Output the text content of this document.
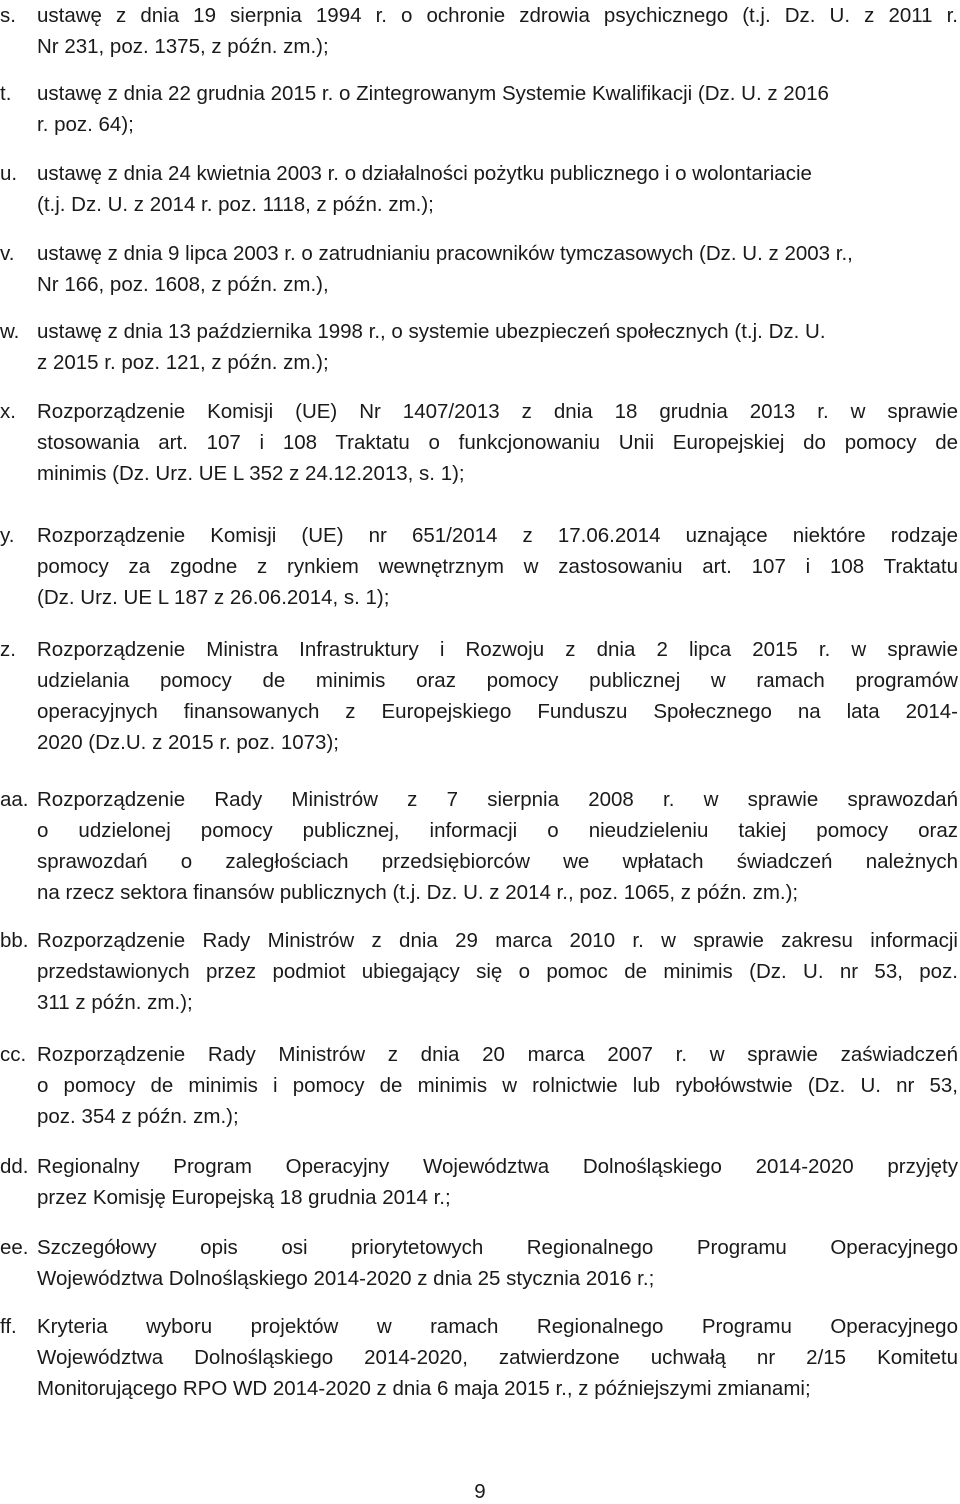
s.	ustawę z dnia 19 sierpnia 1994 r. o ochronie zdrowia psychicznego (t.j. Dz. U. z 2011 r.
Nr 231, poz. 1375, z późn. zm.);
t.	ustawę z dnia 22 grudnia 2015 r. o Zintegrowanym Systemie Kwalifikacji (Dz. U. z 2016
r. poz. 64);
u. ustawę z dnia 24 kwietnia 2003 r. o działalności pożytku publicznego i o wolontariacie
(t.j. Dz. U. z 2014 r. poz. 1118, z późn. zm.);
v.	ustawę z dnia 9 lipca 2003 r. o zatrudnianiu pracowników tymczasowych (Dz. U. z 2003 r.,
Nr 166, poz. 1608, z późn. zm.),
w. ustawę z dnia 13 października 1998 r., o systemie ubezpieczeń społecznych (t.j. Dz. U.
z 2015 r. poz. 121, z późn. zm.);
x.	Rozporządzenie Komisji (UE) Nr 1407/2013 z dnia 18 grudnia 2013 r. w sprawie
stosowania art. 107 i 108 Traktatu o funkcjonowaniu Unii Europejskiej do pomocy de
minimis (Dz. Urz. UE L 352 z 24.12.2013, s. 1);
y.	Rozporządzenie Komisji (UE) nr 651/2014 z 17.06.2014 uznające niektóre rodzaje
pomocy za zgodne z rynkiem wewnętrznym w zastosowaniu art. 107 i 108 Traktatu
(Dz. Urz. UE L 187 z 26.06.2014, s. 1);
z.	Rozporządzenie Ministra Infrastruktury i Rozwoju z dnia 2 lipca 2015 r. w sprawie
udzielania pomocy de minimis oraz pomocy publicznej w ramach programów
operacyjnych finansowanych z Europejskiego Funduszu Społecznego na lata 2014-
2020 (Dz.U. z 2015 r. poz. 1073);
aa. Rozporządzenie Rady Ministrów z 7 sierpnia 2008 r. w sprawie sprawozdań
o udzielonej pomocy publicznej, informacji o nieudzieleniu takiej pomocy oraz
sprawozdań o zaległościach przedsiębiorców we wpłatach świadczeń należnych
na rzecz sektora finansów publicznych (t.j. Dz. U. z 2014 r., poz. 1065, z późn. zm.);
bb. Rozporządzenie Rady Ministrów z dnia 29 marca 2010 r. w sprawie zakresu informacji
przedstawionych przez podmiot ubiegający się o pomoc de minimis (Dz. U. nr 53, poz.
311 z późn. zm.);
cc. Rozporządzenie Rady Ministrów z dnia 20 marca 2007 r. w sprawie zaświadczeń
o pomocy de minimis i pomocy de minimis w rolnictwie lub rybołówstwie (Dz. U. nr 53,
poz. 354 z późn. zm.);
dd. Regionalny Program Operacyjny Województwa Dolnośląskiego 2014-2020 przyjęty
przez Komisję Europejską 18 grudnia 2014 r.;
ee. Szczegółowy opis osi priorytetowych Regionalnego Programu Operacyjnego
Województwa Dolnośląskiego 2014-2020 z dnia 25 stycznia 2016 r.;
ff. Kryteria wyboru projektów w ramach Regionalnego Programu Operacyjnego
Województwa Dolnośląskiego 2014-2020, zatwierdzone uchwałą nr 2/15 Komitetu
Monitorującego RPO WD 2014-2020 z dnia 6 maja 2015 r., z późniejszymi zmianami;
9
